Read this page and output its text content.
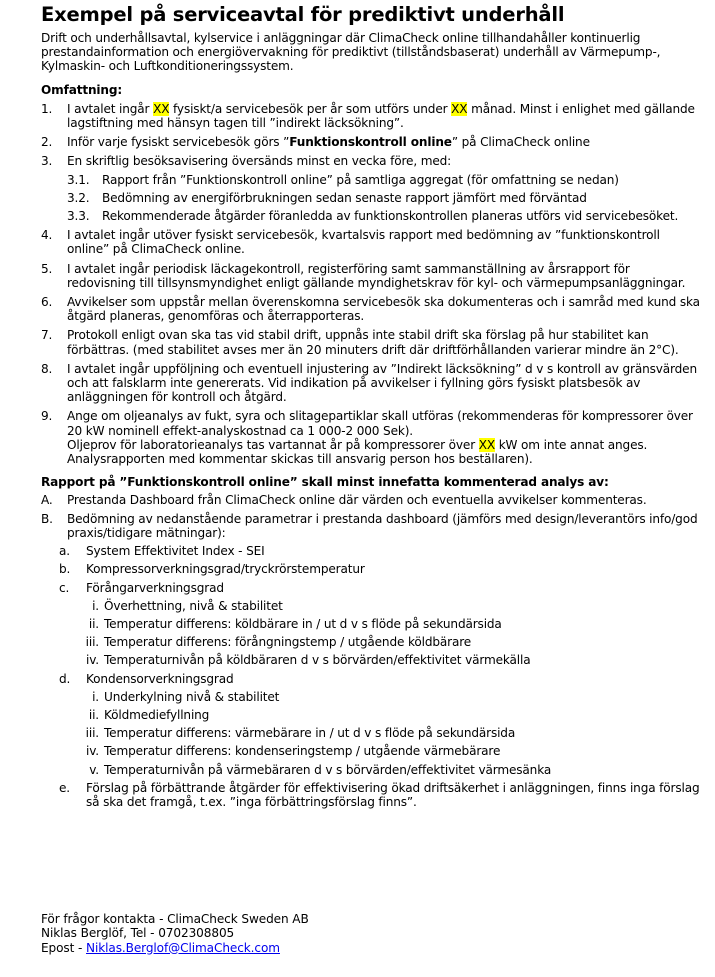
Exempel på serviceavtal för prediktivt underhåll

Drift och underhållsavtal, kylservice i anläggningar där ClimaCheck online tillhandahåller kontinuerlig prestandainformation och energiövervakning för prediktivt (tillståndsbaserat) underhåll av Värmepump-, Kylmaskin- och Luftkonditioneringssystem.

Omfattning:

1. I avtalet ingår XX fysiskt/a servicebesök per år som utförs under XX månad. Minst i enlighet med gällande lagstiftning med hänsyn tagen till ”indirekt läcksökning”.
2. Inför varje fysiskt servicebesök görs ”Funktionskontroll online” på ClimaCheck online
3. En skriftlig besöksavisering översänds minst en vecka före, med:
3.1. Rapport från ”Funktionskontroll online” på samtliga aggregat (för omfattning se nedan)
3.2. Bedömning av energiförbrukningen sedan senaste rapport jämfört med förväntad
3.3. Rekommenderade åtgärder föranledda av funktionskontrollen planeras utförs vid servicebesöket.
4. I avtalet ingår utöver fysiskt servicebesök, kvartalsvis rapport med bedömning av ”funktionskontroll online” på ClimaCheck online.
5. I avtalet ingår periodisk läckagekontroll, registerföring samt sammanställning av årsrapport för redovisning till tillsynsmyndighet enligt gällande myndighetskrav för kyl- och värmepumpsanläggningar.
6. Avvikelser som uppstår mellan överenskomna servicebesök ska dokumenteras och i samråd med kund ska åtgärd planeras, genomföras och återrapporteras.
7. Protokoll enligt ovan ska tas vid stabil drift, uppnås inte stabil drift ska förslag på hur stabilitet kan förbättras. (med stabilitet avses mer än 20 minuters drift där driftförhållanden varierar mindre än 2°C).
8. I avtalet ingår uppföljning och eventuell injustering av ”Indirekt läcksökning” d v s kontroll av gränsvärden och att falsklarm inte genererats. Vid indikation på avvikelser i fyllning görs fysiskt platsbesök av anläggningen för kontroll och åtgärd.
9. Ange om oljeanalys av fukt, syra och slitagepartiklar skall utföras (rekommenderas för kompressorer över 20 kW nominell effekt-analyskostnad ca 1 000-2 000 Sek).
Oljeprov för laboratorieanalys tas vartannat år på kompressorer över XX kW om inte annat anges.
Analysrapporten med kommentar skickas till ansvarig person hos beställaren).

Rapport på ”Funktionskontroll online” skall minst innefatta kommenterad analys av:

A. Prestanda Dashboard från ClimaCheck online där värden och eventuella avvikelser kommenteras.
B. Bedömning av nedanstående parametrar i prestanda dashboard (jämförs med design/leverantörs info/god praxis/tidigare mätningar):
a. System Effektivitet Index - SEI
b. Kompressorverkningsgrad/tryckrörstemperatur
c. Förångarverkningsgrad
i. Överhettning, nivå & stabilitet
ii. Temperatur differens: köldbärare in / ut d v s flöde på sekundärsida
iii. Temperatur differens: förångningstemp / utgående köldbärare
iv. Temperaturnivån på köldbäraren d v s börvärden/effektivitet värmekälla
d. Kondensorverkningsgrad
i. Underkylning nivå & stabilitet
ii. Köldmediefyllning
iii. Temperatur differens: värmebärare in / ut d v s flöde på sekundärsida
iv. Temperatur differens: kondenseringstemp / utgående värmebärare
v. Temperaturnivån på värmebäraren d v s börvärden/effektivitet värmesänka
e. Förslag på förbättrande åtgärder för effektivisering ökad driftsäkerhet i anläggningen, finns inga förslag så ska det framgå, t.ex. ”inga förbättringsförslag finns”.
För frågor kontakta - ClimaCheck Sweden AB
Niklas Berglöf, Tel - 0702308805
Epost - Niklas.Berglof@ClimaCheck.com
